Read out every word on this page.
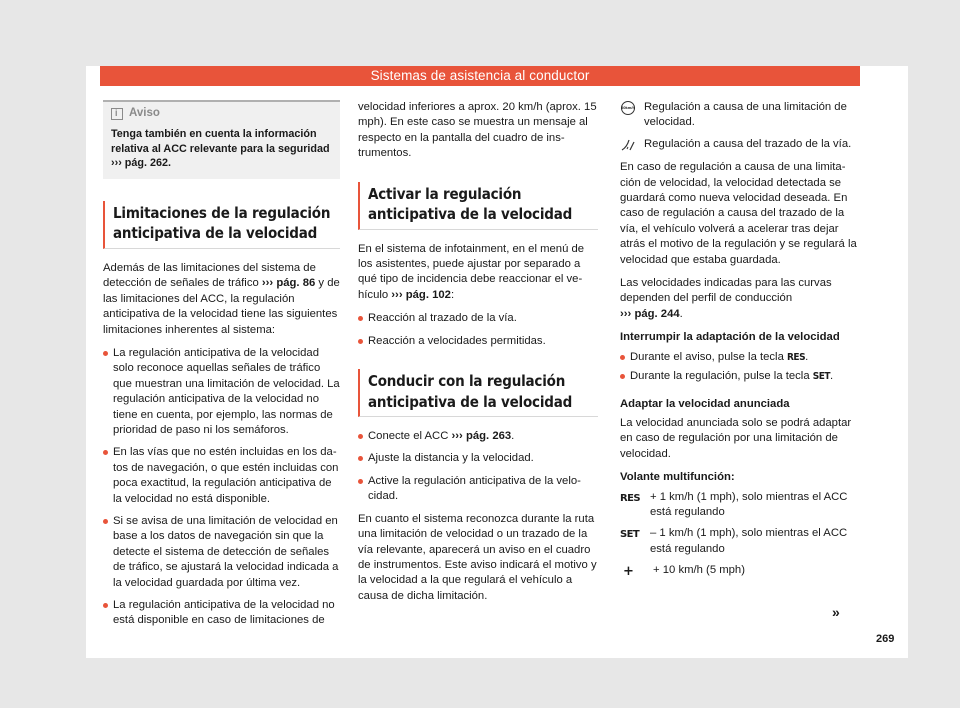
Sistemas de asistencia al conductor
i
Aviso
Tenga también en cuenta la información relativa al ACC relevante para la seguridad ››› pág. 262.
Limitaciones de la regulación anticipativa de la velocidad

Además de las limitaciones del sistema de detección de señales de tráfico ››› pág. 86 y de las limitaciones del ACC, la regulación anticipativa de la velocidad tiene las siguientes limitaciones inherentes al sistema:

La regulación anticipativa de la velocidad solo reconoce aquellas señales de tráfico que muestran una limitación de velocidad. La regulación anticipativa de la velocidad no tiene en cuenta, por ejemplo, las normas de prioridad de paso ni los semáforos.
En las vías que no estén incluidas en los datos de navegación, o que estén incluidas con poca exactitud, la regulación anticipativa de la velocidad no está disponible.
Si se avisa de una limitación de velocidad en base a los datos de navegación sin que la detecte el sistema de detección de señales de tráfico, se ajustará la velocidad indicada a la velocidad guardada por última vez.
La regulación anticipativa de la velocidad no está disponible en caso de limitaciones de

velocidad inferiores a aprox. 20 km/h (aprox. 15 mph). En este caso se muestra un mensaje al respecto en la pantalla del cuadro de instrumentos.

Activar la regulación anticipativa de la velocidad

En el sistema de infotainment, en el menú de los asistentes, puede ajustar por separado a qué tipo de incidencia debe reaccionar el vehículo ››› pág. 102:

Reacción al trazado de la vía.
Reacción a velocidades permitidas.
Conducir con la regulación anticipativa de la velocidad
Conecte el ACC ››› pág. 263.
Ajuste la distancia y la velocidad.
Active la regulación anticipativa de la velocidad.

En cuanto el sistema reconozca durante la ruta una limitación de velocidad o un trazado de la vía relevante, aparecerá un aviso en el cuadro de instrumentos. Este aviso indicará el motivo y la velocidad a la que regulará el vehículo a causa de dicha limitación.

80km/h Regulación a causa de una limitación de velocidad.
Regulación a causa del trazado de la vía.

En caso de regulación a causa de una limitación de velocidad, la velocidad detectada se guardará como nueva velocidad deseada. En caso de regulación a causa del trazado de la vía, el vehículo volverá a acelerar tras dejar atrás el motivo de la regulación y se regulará la velocidad que estaba guardada.

Las velocidades indicadas para las curvas dependen del perfil de conducción
››› pág. 244.

Interrumpir la adaptación de la velocidad

Durante el aviso, pulse la tecla RES.
Durante la regulación, pulse la tecla SET.

Adaptar la velocidad anunciada

La velocidad anunciada solo se podrá adaptar en caso de regulación por una limitación de velocidad.

Volante multifunción:

RES + 1 km/h (1 mph), solo mientras el ACC está regulando
SET – 1 km/h (1 mph), solo mientras el ACC está regulando
+	+ 10 km/h (5 mph)
»
269
